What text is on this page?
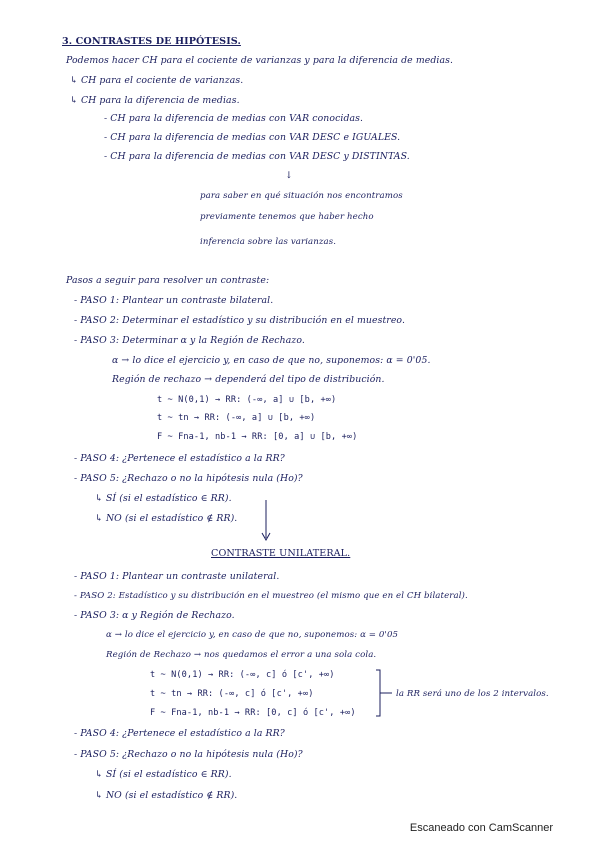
3. CONTRASTES DE HIPÓTESIS.
Podemos hacer CH para el cociente de varianzas y para la diferencia de medias.
↳ CH para el cociente de varianzas.
↳ CH para la diferencia de medias.
- CH para la diferencia de medias con VAR conocidas.
- CH para la diferencia de medias con VAR DESC e IGUALES.
- CH para la diferencia de medias con VAR DESC y DISTINTAS.
↓
para saber en qué situación nos encontramos
previamente tenemos que haber hecho
inferencia sobre las varianzas.
Pasos a seguir para resolver un contraste:
- PASO 1: Plantear un contraste bilateral.
- PASO 2: Determinar el estadístico y su distribución en el muestreo.
- PASO 3: Determinar α y la Región de Rechazo.
α → lo dice el ejercicio y, en caso de que no, suponemos: α = 0'05.
Región de rechazo → dependerá del tipo de distribución.
t ~ N(0,1) → RR: (-∞, a] ∪ [b, +∞)
t ~ tn → RR: (-∞, a] ∪ [b, +∞)
F ~ Fna-1, nb-1 → RR: [0, a] ∪ [b, +∞)
- PASO 4: ¿Pertenece el estadístico a la RR?
- PASO 5: ¿Rechazo o no la hipótesis nula (Ho)?
↳ SÍ (si el estadístico ∈ RR).
↳ NO (si el estadístico ∉ RR).
CONTRASTE UNILATERAL.
- PASO 1: Plantear un contraste unilateral.
- PASO 2: Estadístico y su distribución en el muestreo (el mismo que en el CH bilateral).
- PASO 3: α y Región de Rechazo.
α → lo dice el ejercicio y, en caso de que no, suponemos: α = 0'05
Región de Rechazo → nos quedamos el error a una sola cola.
t ~ N(0,1) → RR: (-∞, c] ó [c', +∞)
t ~ tn → RR: (-∞, c] ó [c', +∞)
F ~ Fna-1, nb-1 → RR: [0, c] ó [c', +∞)
la RR será uno de los 2 intervalos.
- PASO 4: ¿Pertenece el estadístico a la RR?
- PASO 5: ¿Rechazo o no la hipótesis nula (Ho)?
↳ SÍ (si el estadístico ∈ RR).
↳ NO (si el estadístico ∉ RR).
Escaneado con CamScanner
